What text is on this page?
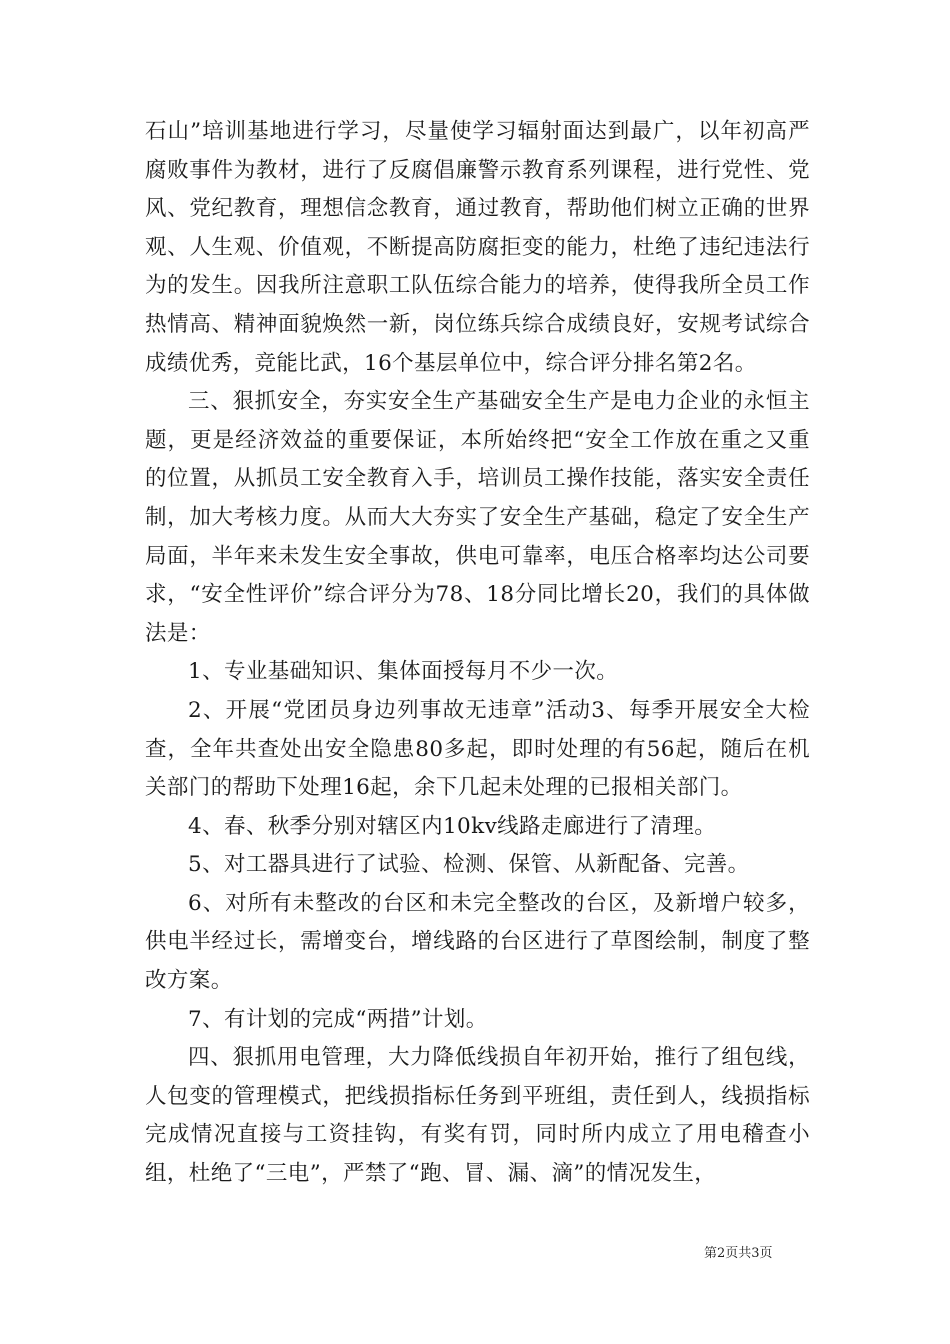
石山”培训基地进行学习，尽量使学习辐射面达到最广，以年初高严腐败事件为教材，进行了反腐倡廉警示教育系列课程，进行党性、党风、党纪教育，理想信念教育，通过教育，帮助他们树立正确的世界观、人生观、价值观，不断提高防腐拒变的能力，杜绝了违纪违法行为的发生。因我所注意职工队伍综合能力的培养，使得我所全员工作热情高、精神面貌焕然一新，岗位练兵综合成绩良好，安规考试综合成绩优秀，竞能比武，16个基层单位中，综合评分排名第2名。

三、狠抓安全，夯实安全生产基础安全生产是电力企业的永恒主题，更是经济效益的重要保证，本所始终把“安全工作放在重之又重的位置，从抓员工安全教育入手，培训员工操作技能，落实安全责任制，加大考核力度。从而大大夯实了安全生产基础，稳定了安全生产局面，半年来未发生安全事故，供电可靠率，电压合格率均达公司要求，“安全性评价”综合评分为78、18分同比增长20，我们的具体做法是：

1、专业基础知识、集体面授每月不少一次。

2、开展“党团员身边列事故无违章”活动3、每季开展安全大检查，全年共查处出安全隐患80多起，即时处理的有56起，随后在机关部门的帮助下处理16起，余下几起未处理的已报相关部门。

4、春、秋季分别对辖区内10kv线路走廊进行了清理。

5、对工器具进行了试验、检测、保管、从新配备、完善。

6、对所有未整改的台区和未完全整改的台区，及新增户较多，供电半经过长，需增变台，增线路的台区进行了草图绘制，制度了整改方案。

7、有计划的完成“两措”计划。

四、狠抓用电管理，大力降低线损自年初开始，推行了组包线，人包变的管理模式，把线损指标任务到平班组，责任到人，线损指标完成情况直接与工资挂钩，有奖有罚，同时所内成立了用电稽查小组，杜绝了“三电”，严禁了“跑、冒、漏、滴”的情况发生，

第2页共3页
